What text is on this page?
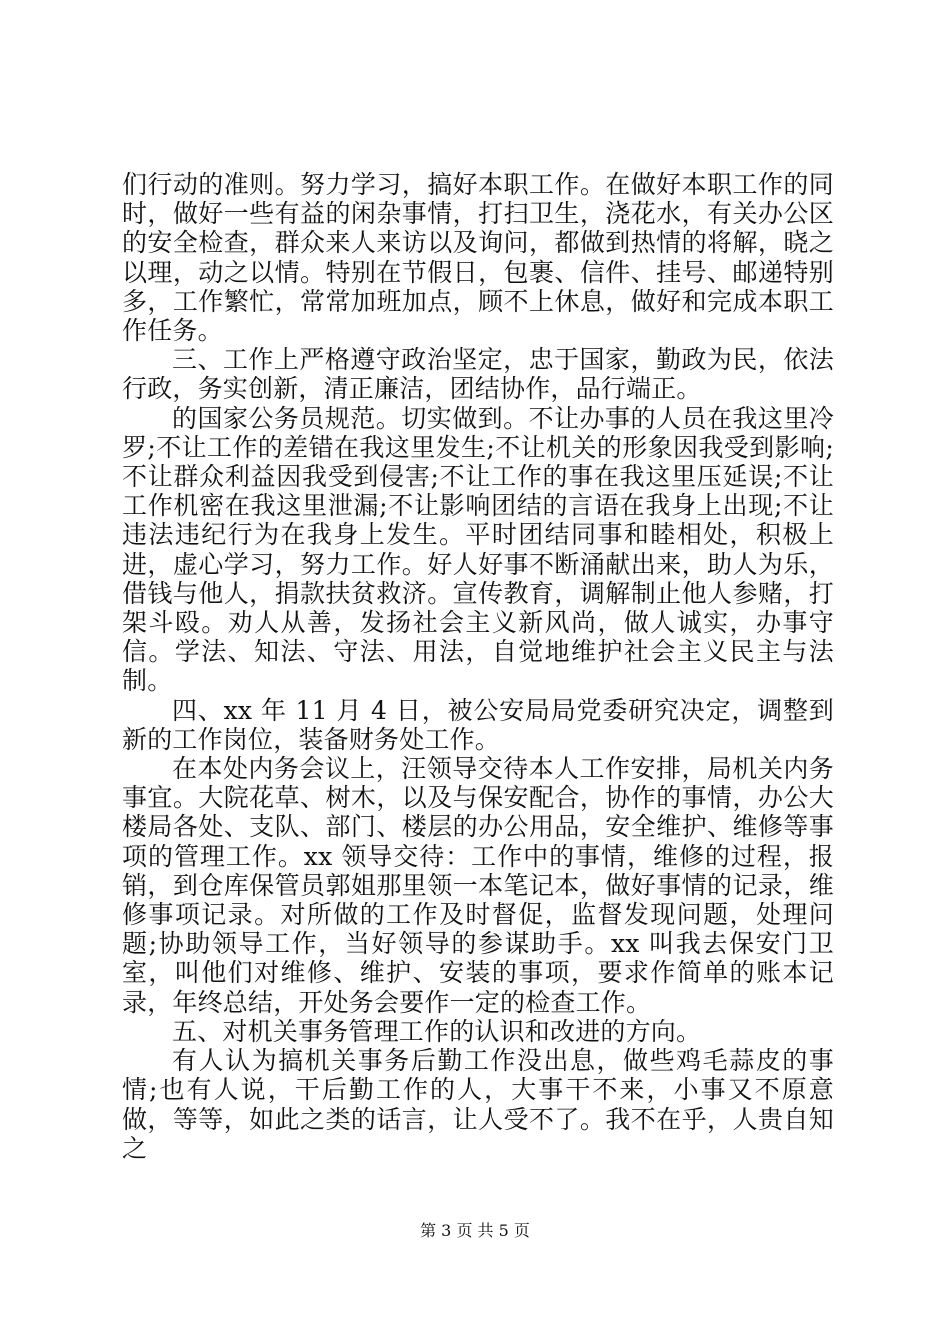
们行动的准则。努力学习，搞好本职工作。在做好本职工作的同时，做好一些有益的闲杂事情，打扫卫生，浇花水，有关办公区的安全检查，群众来人来访以及询问，都做到热情的将解，晓之以理，动之以情。特别在节假日，包裹、信件、挂号、邮递特别多，工作繁忙，常常加班加点，顾不上休息，做好和完成本职工作任务。

三、工作上严格遵守政治坚定，忠于国家，勤政为民，依法行政，务实创新，清正廉洁，团结协作，品行端正。

的国家公务员规范。切实做到。不让办事的人员在我这里冷罗;不让工作的差错在我这里发生;不让机关的形象因我受到影响;不让群众利益因我受到侵害;不让工作的事在我这里压延误;不让工作机密在我这里泄漏;不让影响团结的言语在我身上出现;不让违法违纪行为在我身上发生。平时团结同事和睦相处，积极上进，虚心学习，努力工作。好人好事不断涌献出来，助人为乐，借钱与他人，捐款扶贫救济。宣传教育，调解制止他人参赌，打架斗殴。劝人从善，发扬社会主义新风尚，做人诚实，办事守信。学法、知法、守法、用法，自觉地维护社会主义民主与法制。

四、xx 年 11 月 4 日，被公安局局党委研究决定，调整到新的工作岗位，装备财务处工作。

在本处内务会议上，汪领导交待本人工作安排，局机关内务事宜。大院花草、树木，以及与保安配合，协作的事情，办公大楼局各处、支队、部门、楼层的办公用品，安全维护、维修等事项的管理工作。xx 领导交待：工作中的事情，维修的过程，报销，到仓库保管员郭姐那里领一本笔记本，做好事情的记录，维修事项记录。对所做的工作及时督促，监督发现问题，处理问题;协助领导工作，当好领导的参谋助手。xx 叫我去保安门卫室，叫他们对维修、维护、安装的事项，要求作简单的账本记录，年终总结，开处务会要作一定的检查工作。

五、对机关事务管理工作的认识和改进的方向。

有人认为搞机关事务后勤工作没出息，做些鸡毛蒜皮的事情;也有人说，干后勤工作的人，大事干不来，小事又不原意做，等等，如此之类的话言，让人受不了。我不在乎，人贵自知之

第 3 页 共 5 页
